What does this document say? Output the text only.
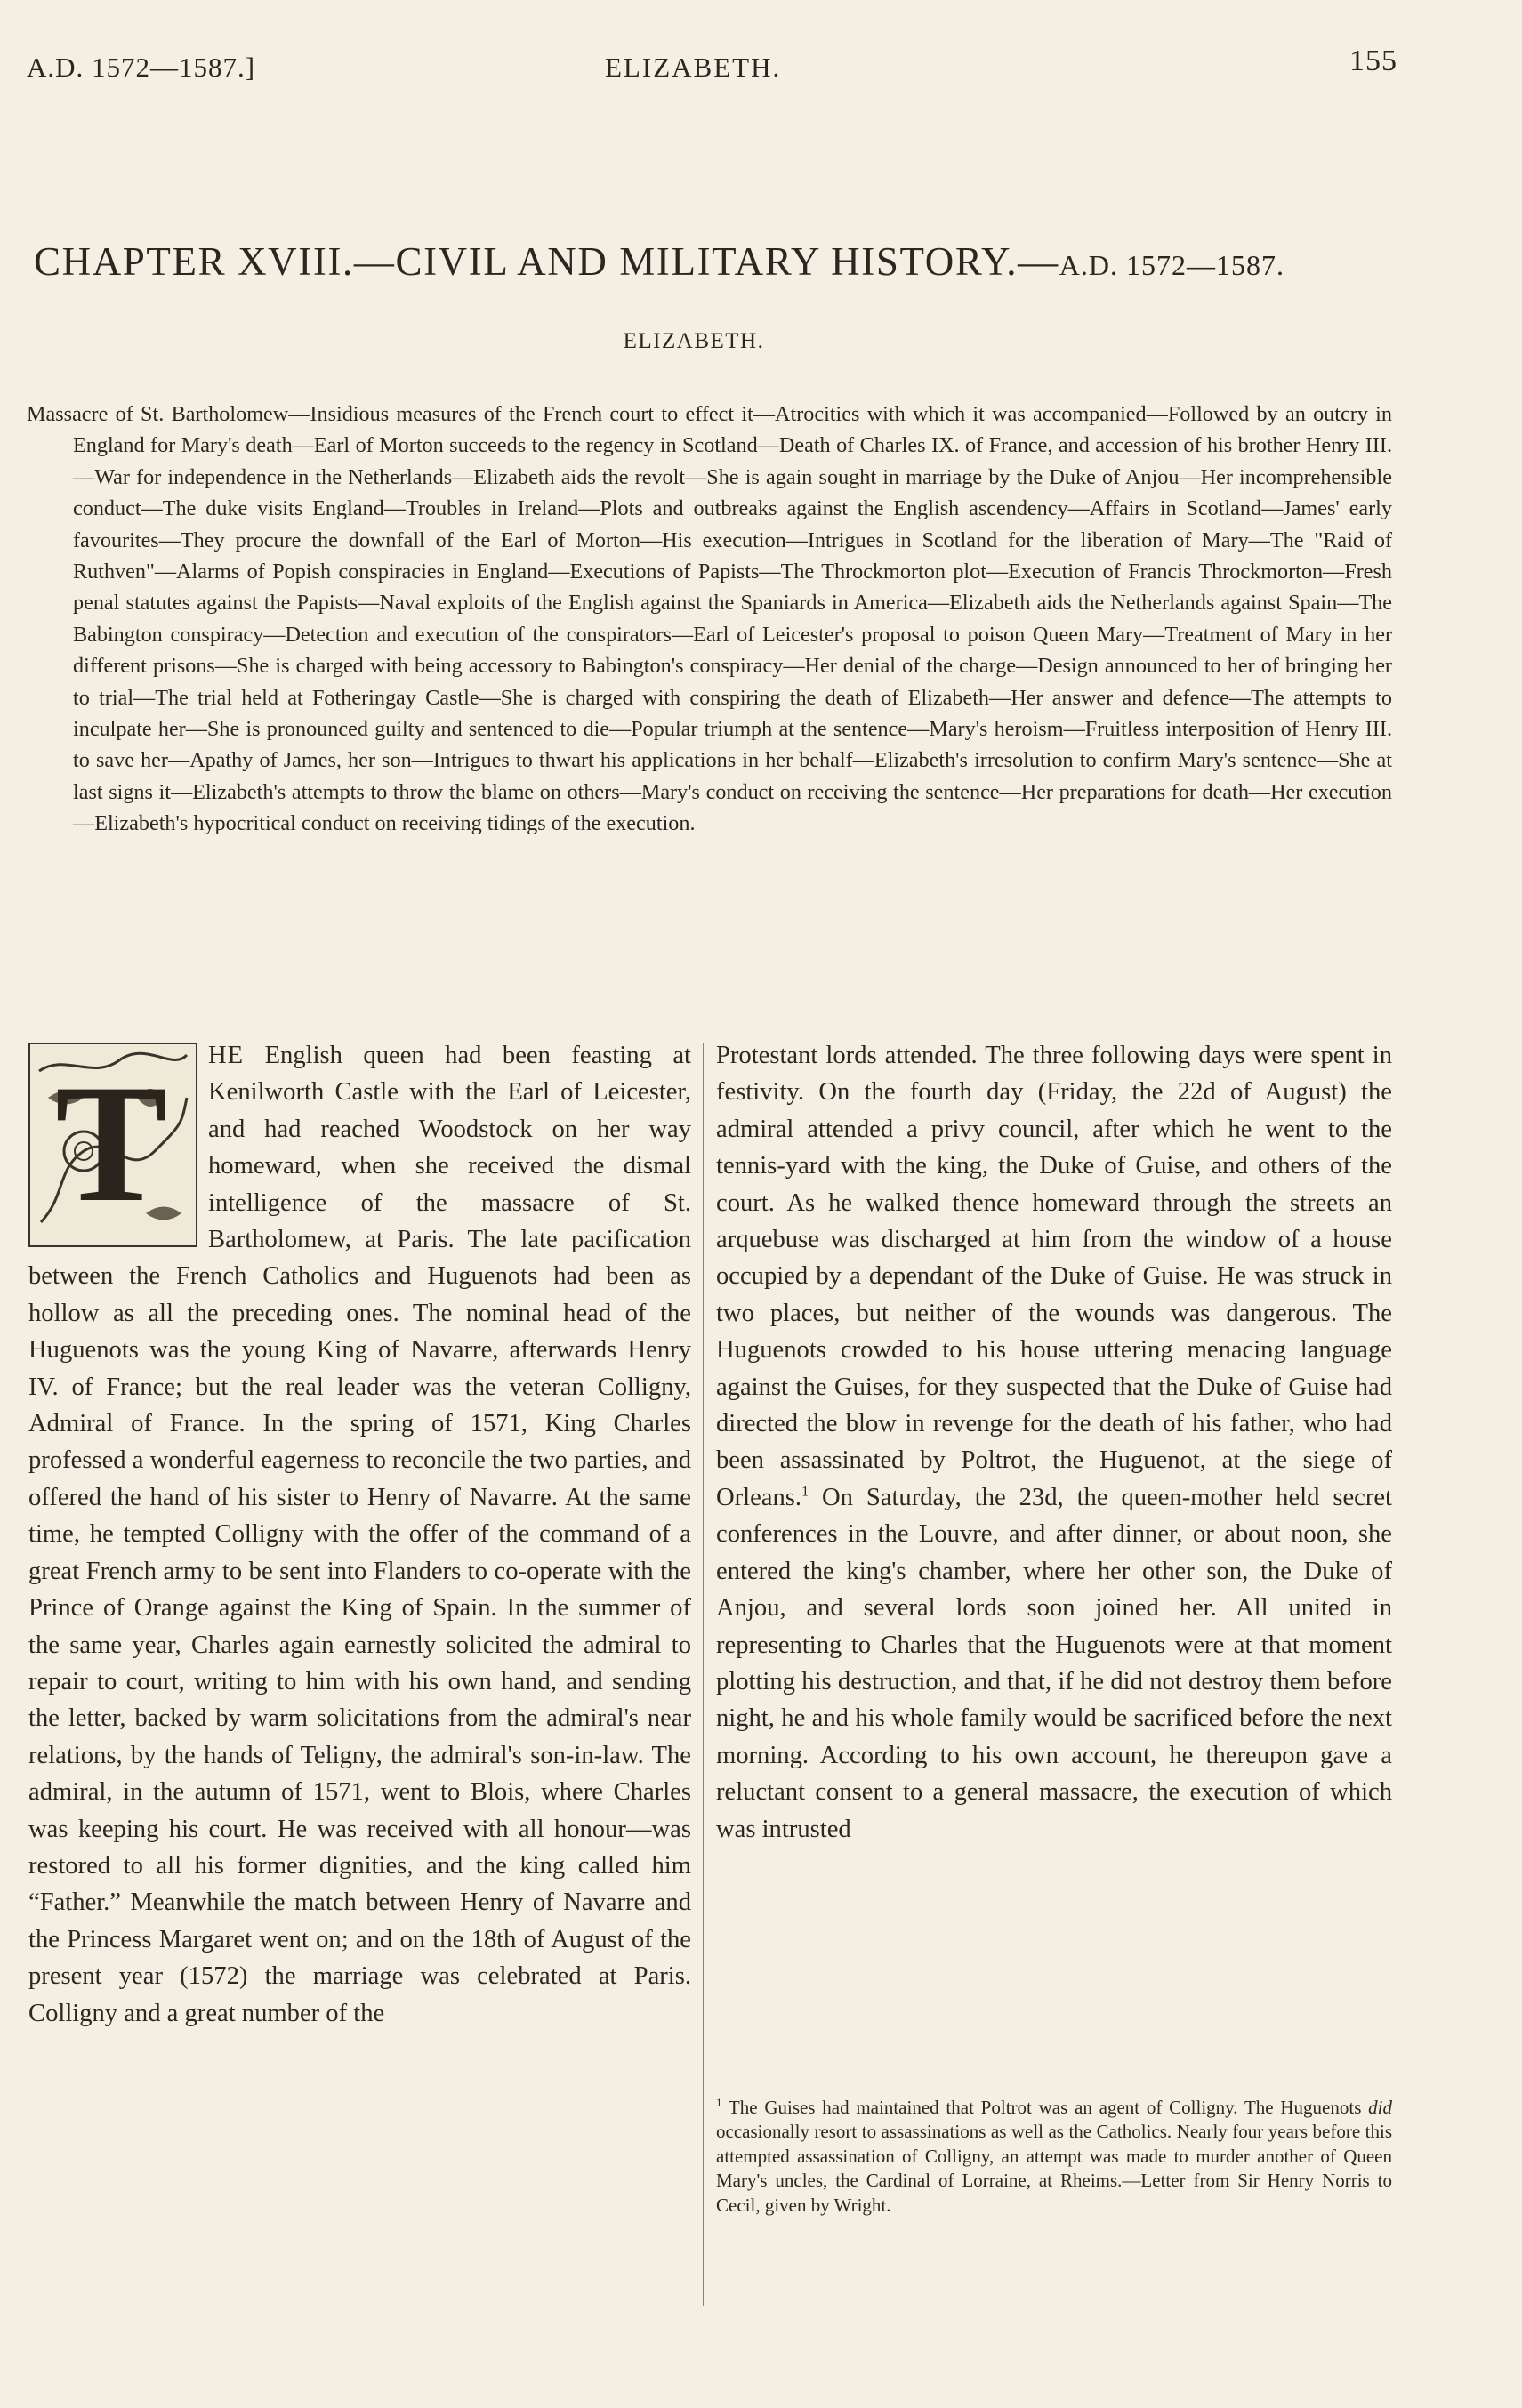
A.D. 1572—1587.]	ELIZABETH.	155
CHAPTER XVIII.—CIVIL AND MILITARY HISTORY.—A.D. 1572—1587.
ELIZABETH.

Massacre of St. Bartholomew—Insidious measures of the French court to effect it—Atrocities with which it was accompanied—Followed by an outcry in England for Mary's death—Earl of Morton succeeds to the regency in Scotland—Death of Charles IX. of France, and accession of his brother Henry III.—War for independence in the Netherlands—Elizabeth aids the revolt—She is again sought in marriage by the Duke of Anjou—Her incomprehensible conduct—The duke visits England—Troubles in Ireland—Plots and outbreaks against the English ascendency—Affairs in Scotland—James' early favourites—They procure the downfall of the Earl of Morton—His execution—Intrigues in Scotland for the liberation of Mary—The "Raid of Ruthven"—Alarms of Popish conspiracies in England—Executions of Papists—The Throckmorton plot—Execution of Francis Throckmorton—Fresh penal statutes against the Papists—Naval exploits of the English against the Spaniards in America—Elizabeth aids the Netherlands against Spain—The Babington conspiracy—Detection and execution of the conspirators—Earl of Leicester's proposal to poison Queen Mary—Treatment of Mary in her different prisons—She is charged with being accessory to Babington's conspiracy—Her denial of the charge—Design announced to her of bringing her to trial—The trial held at Fotheringay Castle—She is charged with conspiring the death of Elizabeth—Her answer and defence—The attempts to inculpate her—She is pronounced guilty and sentenced to die—Popular triumph at the sentence—Mary's heroism—Fruitless interposition of Henry III. to save her—Apathy of James, her son—Intrigues to thwart his applications in her behalf—Elizabeth's irresolution to confirm Mary's sentence—She at last signs it—Elizabeth's attempts to throw the blame on others—Mary's conduct on receiving the sentence—Her preparations for death—Her execution—Elizabeth's hypocritical conduct on receiving tidings of the execution.

T	HE English queen had been feasting at Kenilworth Castle with the Earl of Leicester, and had reached Woodstock on her way homeward, when she received the dismal intelligence of the massacre of St. Bartholomew, at Paris. The late pacification between the French Catholics and Huguenots had been as hollow as all the preceding ones. The nominal head of the Huguenots was the young King of Navarre, afterwards Henry IV. of France; but the real leader was the veteran Colligny, Admiral of France. In the spring of 1571, King Charles professed a wonderful eagerness to reconcile the two parties, and offered the hand of his sister to Henry of Navarre. At the same time, he tempted Colligny with the offer of the command of a great French army to be sent into Flanders to co-operate with the Prince of Orange against the King of Spain. In the summer of the same year, Charles again earnestly solicited the admiral to repair to court, writing to him with his own hand, and sending the letter, backed by warm solicitations from the admiral's near relations, by the hands of Teligny, the admiral's son-in-law. The admiral, in the autumn of 1571, went to Blois, where Charles was keeping his court. He was received with all honour—was restored to all his former dignities, and the king called him “Father.” Meanwhile the match between Henry of Navarre and the Princess Margaret went on; and on the 18th of August of the present year (1572) the marriage was celebrated at Paris. Colligny and a great number of the

Protestant lords attended. The three following days were spent in festivity. On the fourth day (Friday, the 22d of August) the admiral attended a privy council, after which he went to the tennis-yard with the king, the Duke of Guise, and others of the court. As he walked thence homeward through the streets an arquebuse was discharged at him from the window of a house occupied by a dependant of the Duke of Guise. He was struck in two places, but neither of the wounds was dangerous. The Huguenots crowded to his house uttering menacing language against the Guises, for they suspected that the Duke of Guise had directed the blow in revenge for the death of his father, who had been assassinated by Poltrot, the Huguenot, at the siege of Orleans.$^1$ On Saturday, the 23d, the queen-mother held secret conferences in the Louvre, and after dinner, or about noon, she entered the king's chamber, where her other son, the Duke of Anjou, and several lords soon joined her. All united in representing to Charles that the Huguenots were at that moment plotting his destruction, and that, if he did not destroy them before night, he and his whole family would be sacrificed before the next morning. According to his own account, he thereupon gave a reluctant consent to a general massacre, the execution of which was intrusted

$^1$ The Guises had maintained that Poltrot was an agent of Colligny. The Huguenots did occasionally resort to assassinations as well as the Catholics. Nearly four years before this attempted assassination of Colligny, an attempt was made to murder another of Queen Mary's uncles, the Cardinal of Lorraine, at Rheims.—Letter from Sir Henry Norris to Cecil, given by Wright.
